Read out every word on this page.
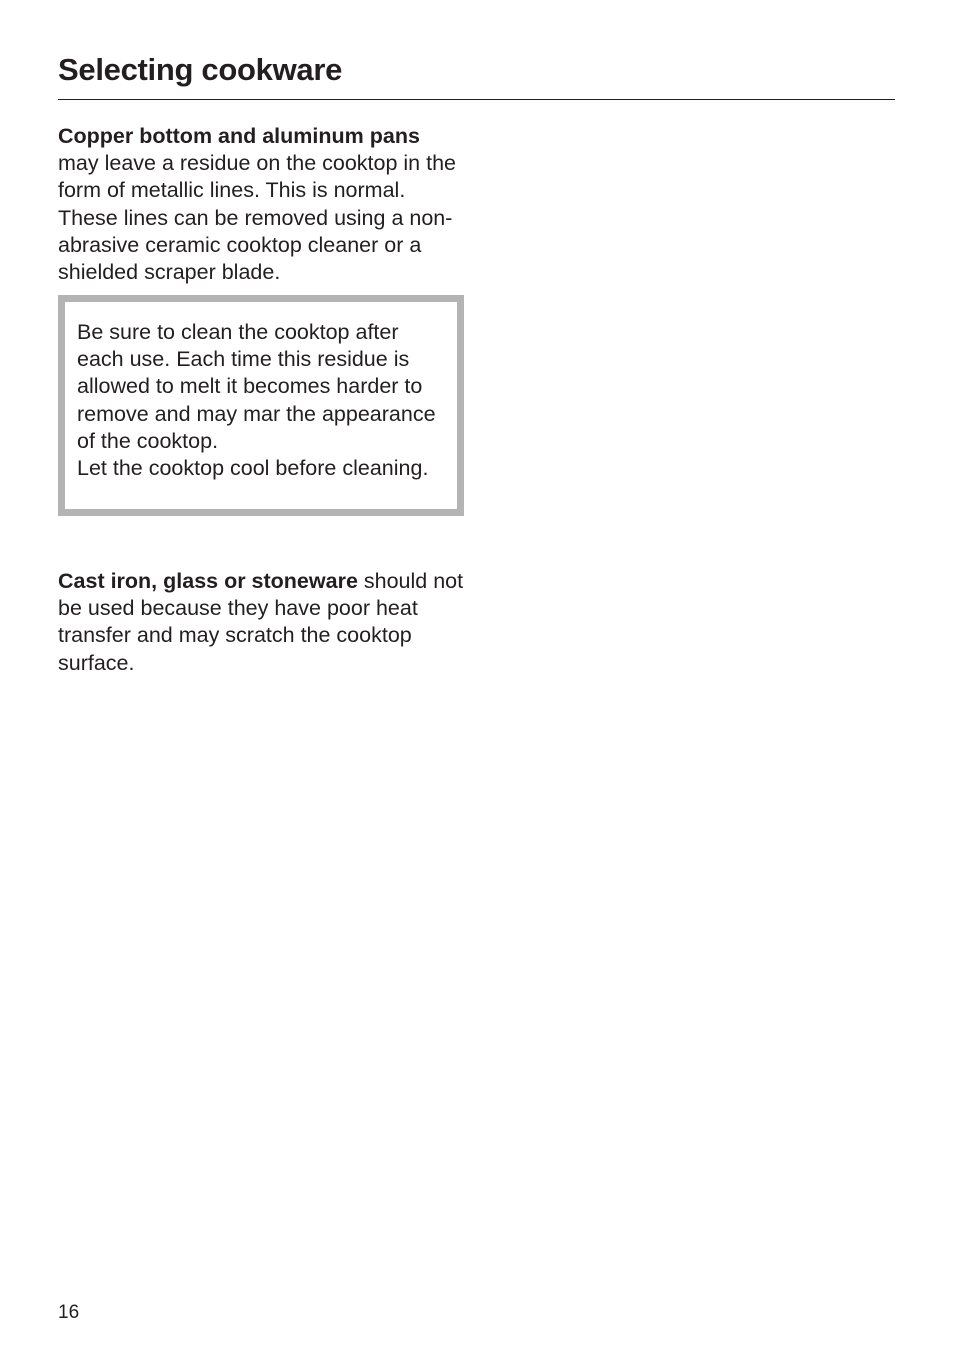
Selecting cookware

Copper bottom and aluminum pans
may leave a residue on the cooktop in the form of metallic lines. This is normal. These lines can be removed using a non-abrasive ceramic cooktop cleaner or a shielded scraper blade.

Be sure to clean the cooktop after each use. Each time this residue is allowed to melt it becomes harder to remove and may mar the appearance of the cooktop.

Let the cooktop cool before cleaning.

Cast iron, glass or stoneware should not be used because they have poor heat transfer and may scratch the cooktop surface.

16
